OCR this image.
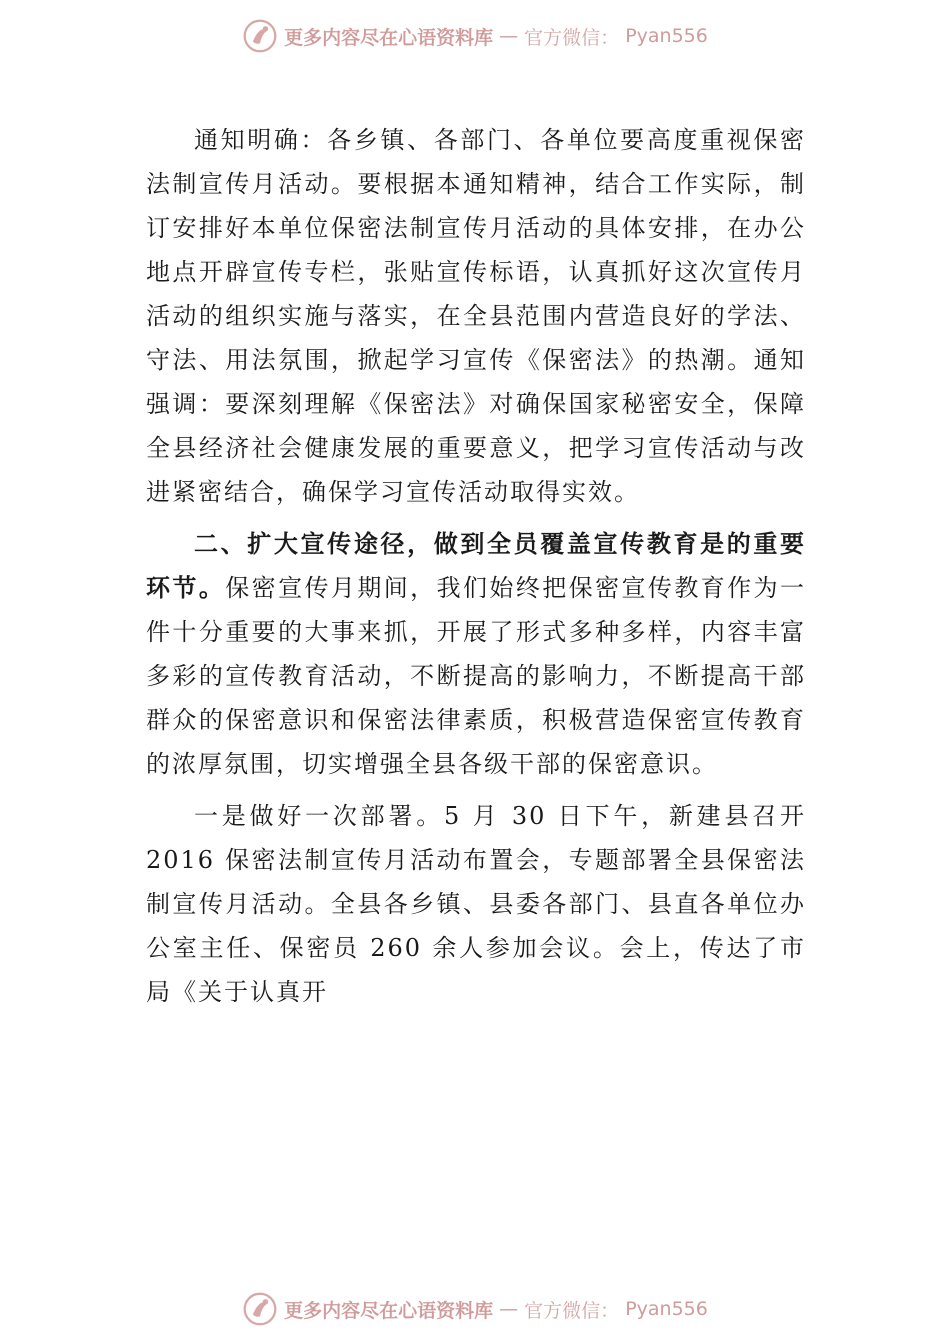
更多内容尽在心语资料库 — 官方微信： Pyan556

通知明确：各乡镇、各部门、各单位要高度重视保密法制宣传月活动。要根据本通知精神，结合工作实际，制订安排好本单位保密法制宣传月活动的具体安排，在办公地点开辟宣传专栏，张贴宣传标语，认真抓好这次宣传月活动的组织实施与落实，在全县范围内营造良好的学法、守法、用法氛围，掀起学习宣传《保密法》的热潮。通知强调：要深刻理解《保密法》对确保国家秘密安全，保障全县经济社会健康发展的重要意义，把学习宣传活动与改进紧密结合，确保学习宣传活动取得实效。

二、扩大宣传途径，做到全员覆盖宣传教育是的重要环节。保密宣传月期间，我们始终把保密宣传教育作为一件十分重要的大事来抓，开展了形式多种多样，内容丰富多彩的宣传教育活动，不断提高的影响力，不断提高干部群众的保密意识和保密法律素质，积极营造保密宣传教育的浓厚氛围，切实增强全县各级干部的保密意识。

一是做好一次部署。5 月 30 日下午，新建县召开 2016 保密法制宣传月活动布置会，专题部署全县保密法制宣传月活动。全县各乡镇、县委各部门、县直各单位办公室主任、保密员 260 余人参加会议。会上，传达了市局《关于认真开

更多内容尽在心语资料库 — 官方微信： Pyan556
